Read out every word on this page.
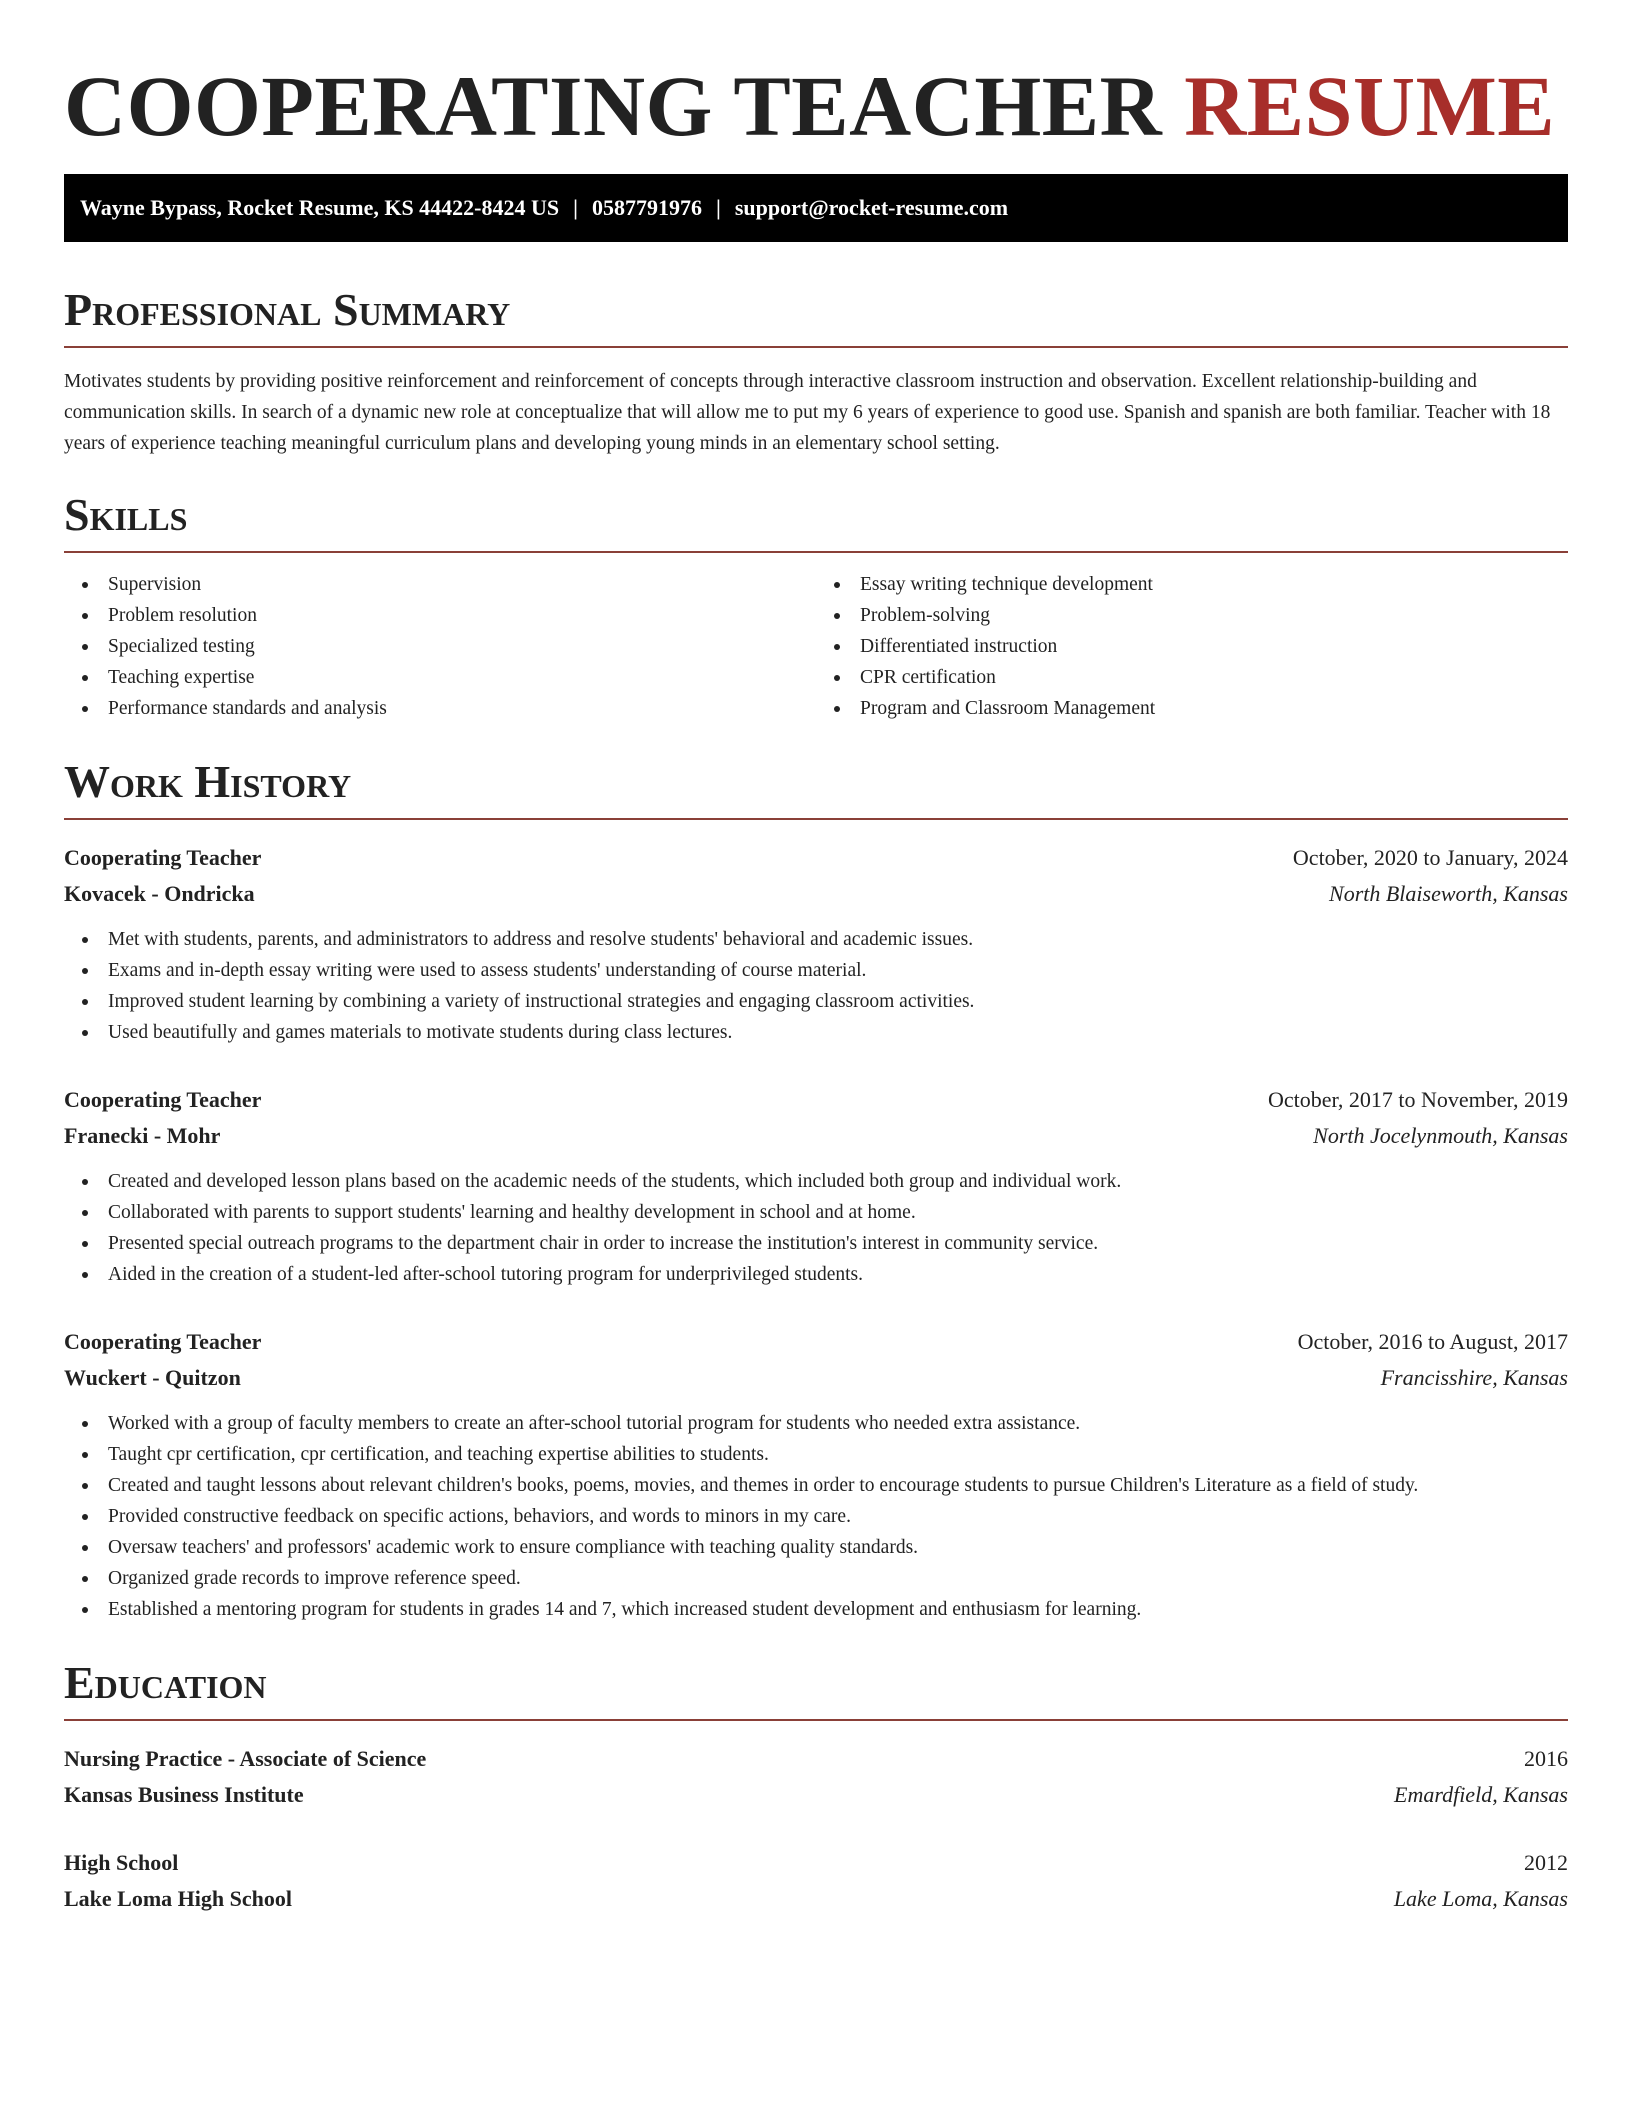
COOPERATING TEACHER RESUME
Wayne Bypass, Rocket Resume, KS 44422-8424 US | 0587791976 | support@rocket-resume.com
Professional Summary

Motivates students by providing positive reinforcement and reinforcement of concepts through interactive classroom instruction and observation. Excellent relationship-building and communication skills. In search of a dynamic new role at conceptualize that will allow me to put my 6 years of experience to good use. Spanish and spanish are both familiar. Teacher with 18 years of experience teaching meaningful curriculum plans and developing young minds in an elementary school setting.

Skills
Supervision
Problem resolution
Specialized testing
Teaching expertise
Performance standards and analysis
Essay writing technique development
Problem-solving
Differentiated instruction
CPR certification
Program and Classroom Management
Work History
Cooperating Teacher	October, 2020 to January, 2024
Kovacek - Ondricka	North Blaiseworth, Kansas
Met with students, parents, and administrators to address and resolve students' behavioral and academic issues.
Exams and in-depth essay writing were used to assess students' understanding of course material.
Improved student learning by combining a variety of instructional strategies and engaging classroom activities.
Used beautifully and games materials to motivate students during class lectures.
Cooperating Teacher	October, 2017 to November, 2019
Franecki - Mohr	North Jocelynmouth, Kansas
Created and developed lesson plans based on the academic needs of the students, which included both group and individual work.
Collaborated with parents to support students' learning and healthy development in school and at home.
Presented special outreach programs to the department chair in order to increase the institution's interest in community service.
Aided in the creation of a student-led after-school tutoring program for underprivileged students.
Cooperating Teacher	October, 2016 to August, 2017
Wuckert - Quitzon	Francisshire, Kansas
Worked with a group of faculty members to create an after-school tutorial program for students who needed extra assistance.
Taught cpr certification, cpr certification, and teaching expertise abilities to students.
Created and taught lessons about relevant children's books, poems, movies, and themes in order to encourage students to pursue Children's Literature as a field of study.
Provided constructive feedback on specific actions, behaviors, and words to minors in my care.
Oversaw teachers' and professors' academic work to ensure compliance with teaching quality standards.
Organized grade records to improve reference speed.
Established a mentoring program for students in grades 14 and 7, which increased student development and enthusiasm for learning.
Education
Nursing Practice - Associate of Science	2016
Kansas Business Institute	Emardfield, Kansas
High School	2012
Lake Loma High School	Lake Loma, Kansas
